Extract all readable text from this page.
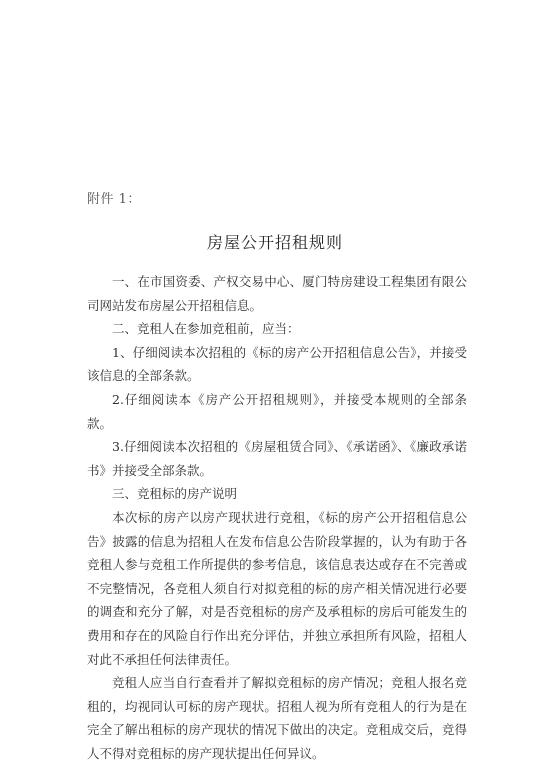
附件 1：
房屋公开招租规则

一、在市国资委、产权交易中心、厦门特房建设工程集团有限公司网站发布房屋公开招租信息。

二、竞租人在参加竞租前，应当：

1、仔细阅读本次招租的《标的房产公开招租信息公告》，并接受该信息的全部条款。

2.仔细阅读本《房产公开招租规则》，并接受本规则的全部条款。

3.仔细阅读本次招租的《房屋租赁合同》、《承诺函》、《廉政承诺书》并接受全部条款。

三、竞租标的房产说明

本次标的房产以房产现状进行竞租，《标的房产公开招租信息公告》披露的信息为招租人在发布信息公告阶段掌握的，认为有助于各竞租人参与竞租工作所提供的参考信息，该信息表达或存在不完善或不完整情况，各竞租人须自行对拟竞租的标的房产相关情况进行必要的调查和充分了解，对是否竞租标的房产及承租标的房后可能发生的费用和存在的风险自行作出充分评估，并独立承担所有风险，招租人对此不承担任何法律责任。

竞租人应当自行查看并了解拟竞租标的房产情况；竞租人报名竞租的，均视同认可标的房产现状。招租人视为所有竞租人的行为是在完全了解出租标的房产现状的情况下做出的决定。竞租成交后，竞得人不得对竞租标的房产现状提出任何异议。
